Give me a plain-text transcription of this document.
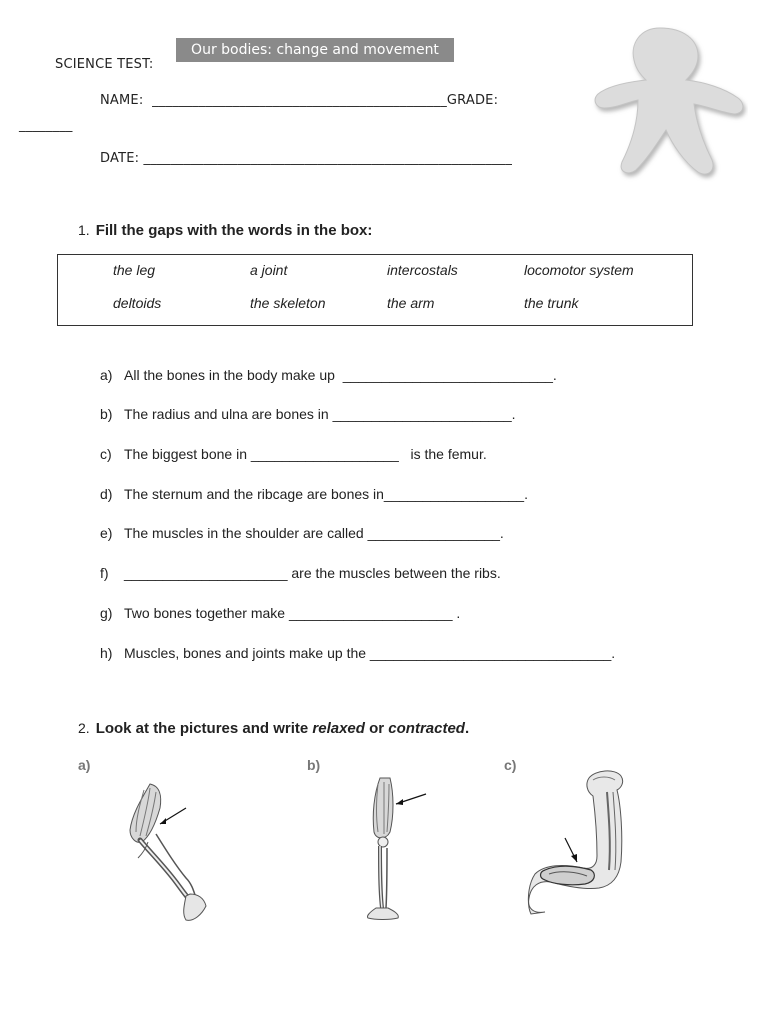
SCIENCE TEST:
Our bodies: change and movement
NAME:  ____________________________________________GRADE:
________
DATE: _______________________________________________________
1. Fill the gaps with the words in the box:
the leg	a joint	intercostals	locomotor system
deltoids	the skeleton	the arm	the trunk
a) All the bones in the body make up  ___________________________.
b) The radius and ulna are bones in _______________________.
c) The biggest bone in ___________________   is the femur.
d) The sternum and the ribcage are bones in__________________.
e) The muscles in the shoulder are called _________________.
f) _____________________ are the muscles between the ribs.
g) Two bones together make _____________________ .
h) Muscles, bones and joints make up the _______________________________.
2. Look at the pictures and write relaxed or contracted.
a)	b)	c)
